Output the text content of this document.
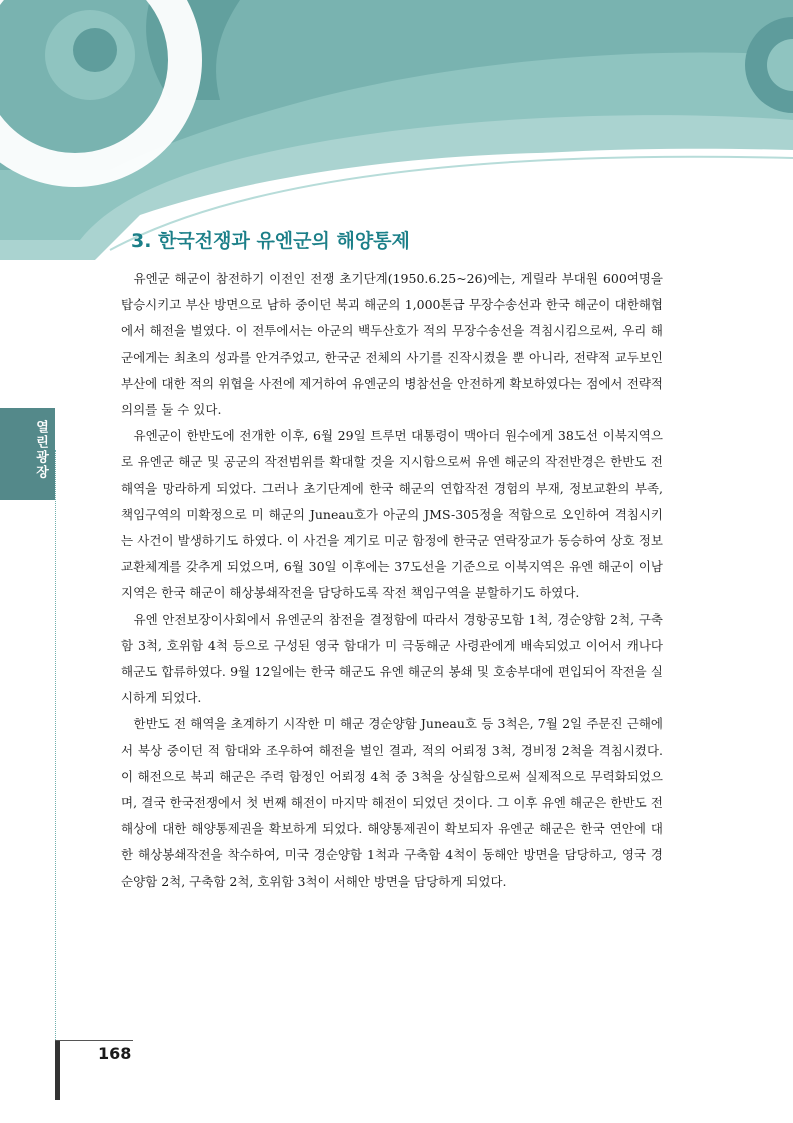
열린광장
3. 한국전쟁과 유엔군의 해양통제

유엔군 해군이 참전하기 이전인 전쟁 초기단계(1950.6.25~26)에는, 게릴라 부대원 600여명을 탑승시키고 부산 방면으로 남하 중이던 북괴 해군의 1,000톤급 무장수송선과 한국 해군이 대한해협에서 해전을 벌였다. 이 전투에서는 아군의 백두산호가 적의 무장수송선을 격침시킴으로써, 우리 해군에게는 최초의 성과를 안겨주었고, 한국군 전체의 사기를 진작시켰을 뿐 아니라, 전략적 교두보인 부산에 대한 적의 위협을 사전에 제거하여 유엔군의 병참선을 안전하게 확보하였다는 점에서 전략적 의의를 둘 수 있다.

유엔군이 한반도에 전개한 이후, 6월 29일 트루먼 대통령이 맥아더 원수에게 38도선 이북지역으로 유엔군 해군 및 공군의 작전범위를 확대할 것을 지시함으로써 유엔 해군의 작전반경은 한반도 전 해역을 망라하게 되었다. 그러나 초기단계에 한국 해군의 연합작전 경험의 부재, 정보교환의 부족, 책임구역의 미확정으로 미 해군의 Juneau호가 아군의 JMS-305정을 적함으로 오인하여 격침시키는 사건이 발생하기도 하였다. 이 사건을 계기로 미군 함정에 한국군 연락장교가 동승하여 상호 정보교환체계를 갖추게 되었으며, 6월 30일 이후에는 37도선을 기준으로 이북지역은 유엔 해군이 이남지역은 한국 해군이 해상봉쇄작전을 담당하도록 작전 책임구역을 분할하기도 하였다.

유엔 안전보장이사회에서 유엔군의 참전을 결정함에 따라서 경항공모함 1척, 경순양함 2척, 구축함 3척, 호위함 4척 등으로 구성된 영국 함대가 미 극동해군 사령관에게 배속되었고 이어서 캐나다 해군도 합류하였다. 9월 12일에는 한국 해군도 유엔 해군의 봉쇄 및 호송부대에 편입되어 작전을 실시하게 되었다.

한반도 전 해역을 초계하기 시작한 미 해군 경순양함 Juneau호 등 3척은, 7월 2일 주문진 근해에서 북상 중이던 적 함대와 조우하여 해전을 벌인 결과, 적의 어뢰정 3척, 경비정 2척을 격침시켰다. 이 해전으로 북괴 해군은 주력 함정인 어뢰정 4척 중 3척을 상실함으로써 실제적으로 무력화되었으며, 결국 한국전쟁에서 첫 번째 해전이 마지막 해전이 되었던 것이다. 그 이후 유엔 해군은 한반도 전 해상에 대한 해양통제권을 확보하게 되었다. 해양통제권이 확보되자 유엔군 해군은 한국 연안에 대한 해상봉쇄작전을 착수하여, 미국 경순양함 1척과 구축함 4척이 동해안 방면을 담당하고, 영국 경순양함 2척, 구축함 2척, 호위함 3척이 서해안 방면을 담당하게 되었다.

168
